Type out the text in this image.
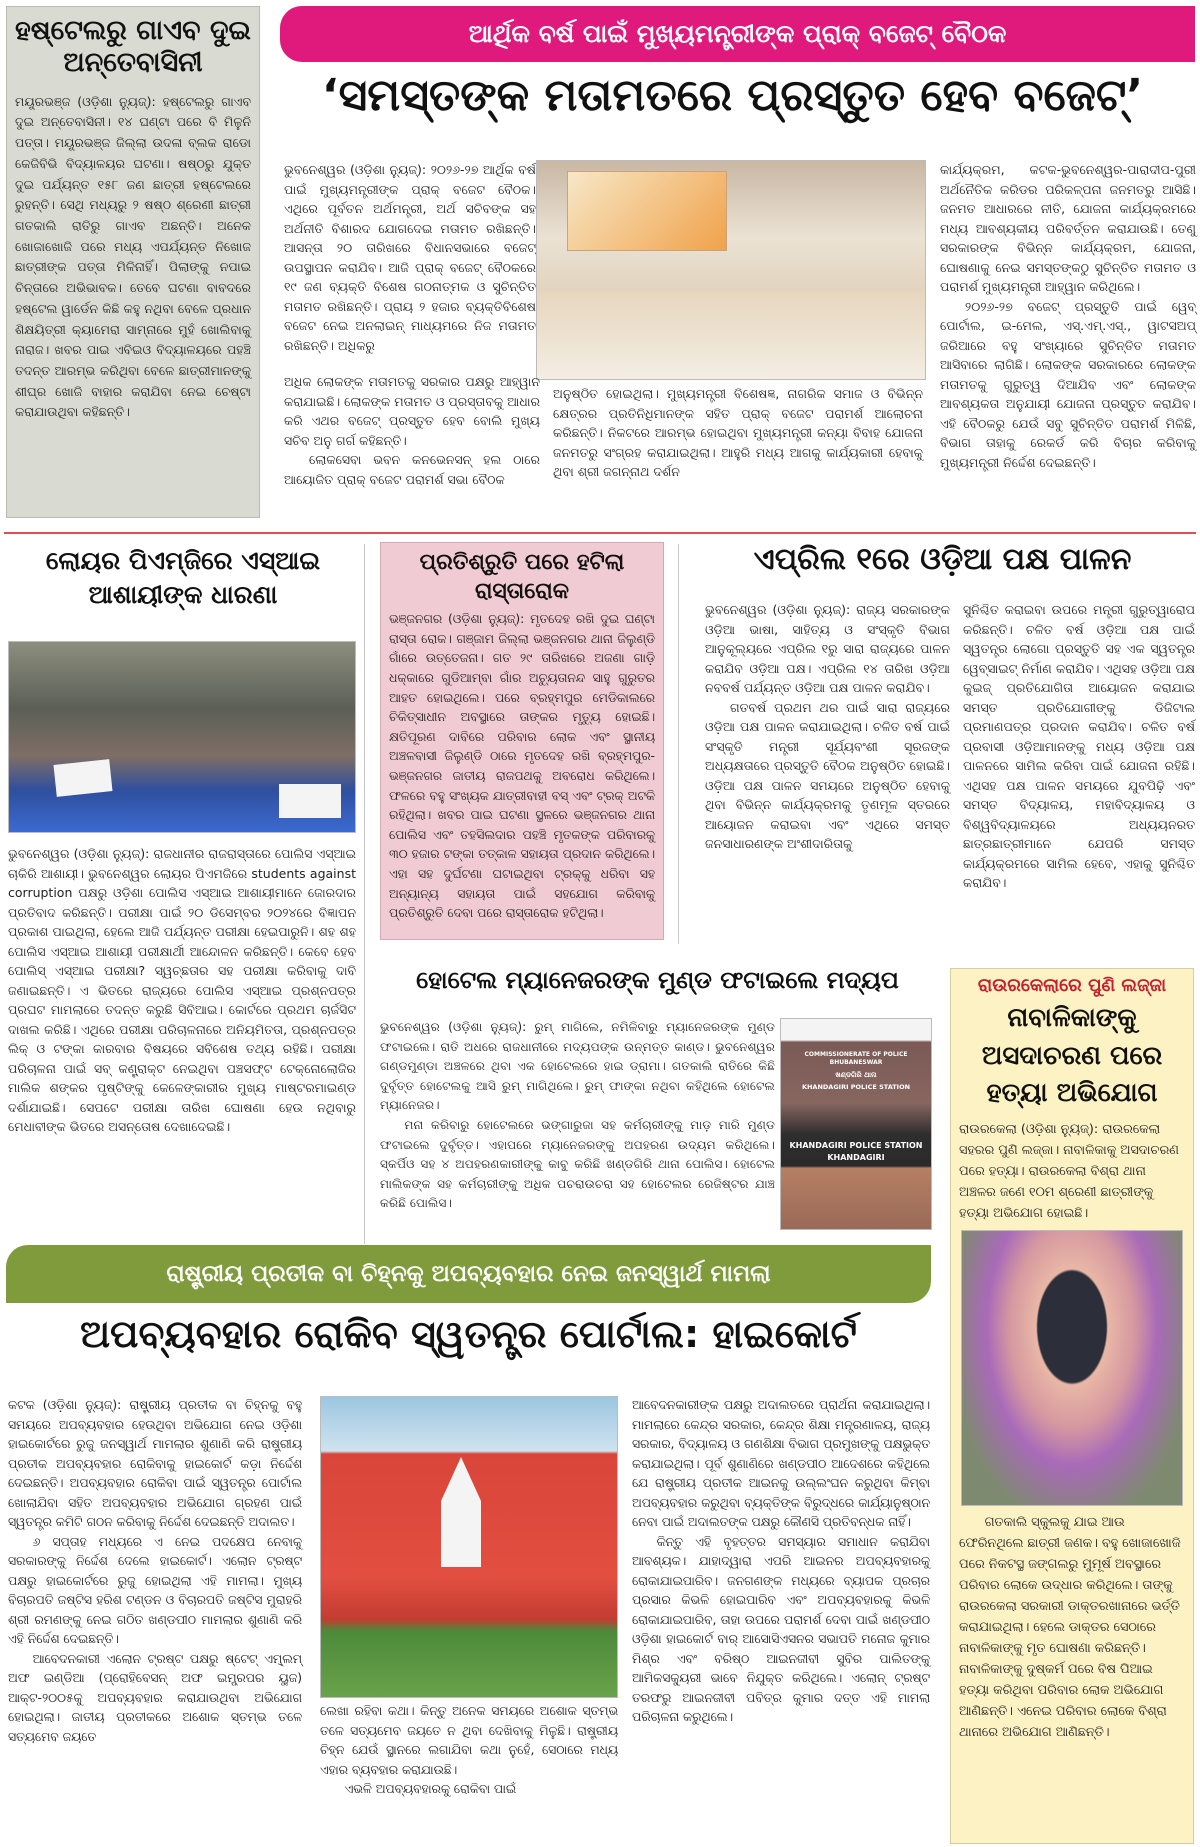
ହଷ୍ଟେଲରୁ ଗାଏବ ଦୁଇ ଅନ୍ତେବାସିନୀ
ମୟୂରଭଞ୍ଜ (ଓଡ଼ିଶା ନ୍ୟୁଜ୍): ହଷ୍ଟେଲରୁ ଗାଏବ ଦୁଇ ଅନ୍ତେବାସିନୀ। ୧୪ ଘଣ୍ଟା ପରେ ବି ମିଳୁନି ପତ୍ତା। ମୟୂରଭଞ୍ଜ ଜିଲ୍ଲା ଉଦଳା ବ୍ଲକ ରାଡୋ କେଜିବିଭି ବିଦ୍ୟାଳୟର ଘଟଣା। ଷଷ୍ଠରୁ ଯୁକ୍ତ ଦୁଇ ପର୍ଯ୍ୟନ୍ତ ୧୫୮ ଜଣ ଛାତ୍ରୀ ହଷ୍ଟେଲରେ ରୁହନ୍ତି। ସେଥି ମଧ୍ୟରୁ ୨ ଷଷ୍ଠ ଶ୍ରେଣୀ ଛାତ୍ରୀ ଗତକାଲି ରାତିରୁ ଗାଏବ ଅଛନ୍ତି। ଅନେକ ଖୋଜାଖୋଜି ପରେ ମଧ୍ୟ ଏପର୍ଯ୍ୟନ୍ତ ନିଖୋଜ ଛାତ୍ରୀଙ୍କ ପତ୍ତା ମିଳିନାହିଁ। ପିଲାଙ୍କୁ ନପାଇ ଚିନ୍ତାରେ ଅଭିଭାବକ। ତେବେ ଘଟଣା ବାବଦରେ ହଷ୍ଟେଲ ୱାର୍ଡେନ କିଛି କହୁ ନଥିବା ବେଳେ ପ୍ରଧାନ ଶିକ୍ଷୟିତ୍ରୀ କ୍ୟାମେରା ସାମ୍ନାରେ ମୁହଁ ଖୋଲିବାକୁ ନାରାଜ। ଖବର ପାଇ ଏବିଇଓ ବିଦ୍ୟାଳୟରେ ପହଞ୍ଚି ତଦନ୍ତ ଆରମ୍ଭ କରିଥିବା ବେଳେ ଛାତ୍ରୀମାନଙ୍କୁ ଶୀଘ୍ର ଖୋଜି ବାହାର କରାଯିବା ନେଇ ଚେଷ୍ଟା କରାଯାଉଥିବା କହିଛନ୍ତି।
ଆର୍ଥିକ ବର୍ଷ ପାଇଁ ମୁଖ୍ୟମନ୍ତ୍ରୀଙ୍କ ପ୍ରାକ୍ ବଜେଟ୍ ବୈଠକ
‘ସମସ୍ତଙ୍କ ମତାମତରେ ପ୍ରସ୍ତୁତ ହେବ ବଜେଟ୍’
ଭୁବନେଶ୍ୱର (ଓଡ଼ିଶା ନ୍ୟୁଜ୍): ୨୦୨୬-୨୭ ଆର୍ଥିକ ବର୍ଷ ପାଇଁ ମୁଖ୍ୟମନ୍ତ୍ରୀଙ୍କ ପ୍ରାକ୍ ବଜେଟ ବୈଠକ। ଏଥିରେ ପୂର୍ବତନ ଅର୍ଥମନ୍ତ୍ରୀ, ଅର୍ଥ ସଚିବଙ୍କ ସହ ଅର୍ଥନୀତି ବିଶାରଦ ଯୋଗଦେଇ ମତାମତ ରଖିଛନ୍ତି। ଆସନ୍ତା ୨୦ ତାରିଖରେ ବିଧାନସଭାରେ ବଜେଟ୍ ଉପସ୍ଥାପନ କରାଯିବ। ଆଜି ପ୍ରାକ୍ ବଜେଟ୍ ବୈଠକରେ ୧୯ ଜଣ ବ୍ୟକ୍ତି ବିଶେଷ ଗଠନାତ୍ମକ ଓ ସୁଚିନ୍ତିତ ମତାମତ ରଖିଛନ୍ତି। ପ୍ରାୟ ୨ ହଜାର ବ୍ୟକ୍ତିବିଶେଷ ବଜେଟ ନେଇ ଅନଲାଇନ୍ ମାଧ୍ୟମରେ ନିଜ ମତାମତ ରଖିଛନ୍ତି। ଅଧିକରୁ
ଅଧିକ ଲୋକଙ୍କ ମତାମତକୁ ସରକାର ପକ୍ଷରୁ ଆହ୍ୱାନ କରାଯାଇଛି। ଲୋକଙ୍କ ମତାମତ ଓ ପ୍ରସ୍ତାବକୁ ଆଧାର କରି ଏଥର ବଜେଟ୍ ପ୍ରସ୍ତୁତ ହେବ ବୋଲି ମୁଖ୍ୟ ସଚିବ ଅନୁ ଗର୍ଗ କହିଛନ୍ତି।
ଲୋକସେବା ଭବନ କନଭେନସନ୍ ହଲ ଠାରେ ଆୟୋଜିତ ପ୍ରାକ୍ ବଜେଟ ପରାମର୍ଶ ସଭା ବୈଠକ
ଅନୁଷ୍ଠିତ ହୋଇଥିଲା। ମୁଖ୍ୟମନ୍ତ୍ରୀ ବିଶେଷଜ୍ଞ, ନାଗରିକ ସମାଜ ଓ ବିଭିନ୍ନ କ୍ଷେତ୍ରର ପ୍ରତିନିଧିମାନଙ୍କ ସହିତ ପ୍ରାକ୍ ବଜେଟ ପରାମର୍ଶ ଆଲୋଚନା କରିଛନ୍ତି। ନିକଟରେ ଆରମ୍ଭ ହୋଇଥିବା ମୁଖ୍ୟମନ୍ତ୍ରୀ କନ୍ୟା ବିବାହ ଯୋଜନା ଜନମତରୁ ସଂଗ୍ରହ କରାଯାଇଥିଲା। ଆହୁରି ମଧ୍ୟ ଆଗକୁ କାର୍ଯ୍ୟକାରୀ ହେବାକୁ ଥିବା ଶ୍ରୀ ଜଗନ୍ନାଥ ଦର୍ଶନ
କାର୍ଯ୍ୟକ୍ରମ, କଟକ-ଭୁବନେଶ୍ୱର-ପାରାଦୀପ-ପୁରୀ ଅର୍ଥନୈତିକ କରିଡର ପରିକଳ୍ପନା ଜନମତରୁ ଆସିଛି। ଜନମତ ଆଧାରରେ ନୀତି, ଯୋଜନା କାର୍ଯ୍ୟକ୍ରମରେ ମଧ୍ୟ ଆବଶ୍ୟକୀୟ ପରିବର୍ତ୍ତନ କରାଯାଉଛି। ତେଣୁ ସରକାରଙ୍କ ବିଭିନ୍ନ କାର୍ଯ୍ୟକ୍ରମ, ଯୋଜନା, ଘୋଷଣାକୁ ନେଇ ସମସ୍ତଙ୍କଠୁ ସୁଚିନ୍ତିତ ମତାମତ ଓ ପରାମର୍ଶ ମୁଖ୍ୟମନ୍ତ୍ରୀ ଆହ୍ୱାନ କରିଥିଲେ।
୨୦୨୬-୨୭ ବଜେଟ୍ ପ୍ରସ୍ତୁତି ପାଇଁ ୱେବ୍ ପୋର୍ଟାଲ, ଇ-ମେଲ, ଏସ୍.ଏମ୍.ଏସ୍., ୱାଟସଅପ୍ ଜରିଆରେ ବହୁ ସଂଖ୍ୟାରେ ସୁଚିନ୍ତିତ ମତାମତ ଆସିବାରେ ଲାଗିଛି। ଲୋକଙ୍କ ସରକାରରେ ଲୋକଙ୍କ ମତାମତକୁ ଗୁରୁତ୍ୱ ଦିଆଯିବ ଏବଂ ଲୋକଙ୍କ ଆବଶ୍ୟକତା ଅନୁଯାୟୀ ଯୋଜନା ପ୍ରସ୍ତୁତ କରାଯିବ। ଏହି ବୈଠକରୁ ଯେଉଁ ସବୁ ସୁଚିନ୍ତିତ ପରାମର୍ଶ ମିଳିଛି, ବିଭାଗ ତାହାକୁ ରେକର୍ଡ କରି ବିଚାର କରିବାକୁ ମୁଖ୍ୟମନ୍ତ୍ରୀ ନିର୍ଦ୍ଦେଶ ଦେଇଛନ୍ତି।
ଲୋୟର ପିଏମ୍‌ଜିରେ ଏସ୍‌ଆଇ ଆଶାୟୀଙ୍କ ଧାରଣା
ଭୁବନେଶ୍ୱର (ଓଡ଼ିଶା ନ୍ୟୁଜ୍): ରାଜଧାନୀର ରାଜରାସ୍ତାରେ ପୋଲିସ ଏସ୍‌ଆଇ ଚାକିରି ଆଶାୟୀ। ଭୁବନେଶ୍ୱର ଲୋୟର ପିଏମଜିରେ students against corruption ପକ୍ଷରୁ ଓଡ଼ିଶା ପୋଲିସ ଏସ୍‌ଆଇ ଆଶାୟୀମାନେ ଜୋରଦାର ପ୍ରତିବାଦ କରିଛନ୍ତି। ପରୀକ୍ଷା ପାଇଁ ୨୦ ଡିସେମ୍ବର ୨୦୨୪ରେ ବିଜ୍ଞାପନ ପ୍ରକାଶ ପାଇଥିଲା, ହେଲେ ଆଜି ପର୍ଯ୍ୟନ୍ତ ପରୀକ୍ଷା ହେଇପାରୁନି। ଶହ ଶହ ପୋଲିସ ଏସ୍‌ଆଇ ଆଶାୟୀ ପରୀକ୍ଷାର୍ଥୀ ଆନ୍ଦୋଳନ କରିଛନ୍ତି। କେବେ ହେବ ପୋଲିସ୍ ଏସ୍‌ଆଇ ପରୀକ୍ଷା? ସ୍ୱଚ୍ଛତାର ସହ ପରୀକ୍ଷା କରିବାକୁ ଦାବି ଜଣାଇଛନ୍ତି। ଏ ଭିତରେ ରାଜ୍ୟରେ ପୋଲିସ ଏସ୍‌ଆଇ ପ୍ରଶ୍ନପତ୍ର ପ୍ରଘଟ ମାମଲାରେ ତଦନ୍ତ କରୁଛି ସିବିଆଇ। କୋର୍ଟରେ ପ୍ରଥମ ଚାର୍ଜସିଟ ଦାଖଲ କରିଛି। ଏଥିରେ ପରୀକ୍ଷା ପରିଚାଳନାରେ ଅନିୟମିତତା, ପ୍ରଶ୍ନପତ୍ର ଲିକ୍ ଓ ଟଙ୍କା କାରବାର ବିଷୟରେ ସବିଶେଷ ତଥ୍ୟ ରହିଛି। ପରୀକ୍ଷା ପରିଚାଳନା ପାଇଁ ସବ୍ କଣ୍ଟ୍ରାକ୍ଟ ନେଇଥିବା ପଞ୍ଚସଫ୍ଟ ଟେକ୍ନୋଲୋଜିର ମାଲିକ ଶଙ୍କର ପୃଷ୍ଟିଙ୍କୁ କେଳେଙ୍କାରୀର ମୁଖ୍ୟ ମାଷ୍ଟରମାଇଣ୍ଡ ଦର୍ଶାଯାଇଛି। ସେପଟେ ପରୀକ୍ଷା ତାରିଖ ଘୋଷଣା ହେଉ ନଥିବାରୁ ମେଧାବୀଙ୍କ ଭିତରେ ଅସନ୍ତୋଷ ଦେଖାଦେଇଛି।
ପ୍ରତିଶ୍ରୁତି ପରେ ହଟିଲା ରାସ୍ତାରୋକ
ଭଞ୍ଜନଗର (ଓଡ଼ିଶା ନ୍ୟୁଜ୍): ମୃତଦେହ ରଖି ଦୁଇ ଘଣ୍ଟା ରାସ୍ତା ରୋକ। ଗଞ୍ଜାମ ଜିଲ୍ଲା ଭଞ୍ଜନଗର ଥାନା ଜିଲୁଣ୍ଡି ଗାଁରେ ଉତ୍ତେଜନା। ଗତ ୨୯ ତାରିଖରେ ଅଜଣା ଗାଡ଼ି ଧକ୍କାରେ ଗୁଡିଆମ୍ବା ଗାଁର ଅଚ୍ୟୁତାନନ୍ଦ ସାହୁ ଗୁରୁତର ଆହତ ହୋଇଥିଲେ। ପରେ ବ୍ରହ୍ମପୁର ମେଡିକାଲରେ ଚିକିତ୍ସାଧୀନ ଅବସ୍ଥାରେ ତାଙ୍କର ମୃତ୍ୟୁ ହୋଇଛି। କ୍ଷତିପୂରଣ ଦାବିରେ ପରିବାର ଲୋକ ଏବଂ ସ୍ଥାନୀୟ ଅଞ୍ଚଳବାସୀ ଜିଲୁଣ୍ଡି ଠାରେ ମୃତଦେହ ରଖି ବ୍ରହ୍ମପୁର-ଭଞ୍ଜନଗର ଜାତୀୟ ରାଜପଥକୁ ଅବରୋଧ କରିଥିଲେ। ଫଳରେ ବହୁ ସଂଖ୍ୟକ ଯାତ୍ରୀବାହୀ ବସ୍ ଏବଂ ଟ୍ରକ୍ ଅଟକି ରହିଥିଲା। ଖବର ପାଇ ଘଟଣା ସ୍ଥଳରେ ଭଞ୍ଜନଗର ଥାନା ପୋଲିସ ଏବଂ ତହସିଲଦାର ପହଞ୍ଚି ମୃତକଙ୍କ ପରିବାରକୁ ୩୦ ହଜାର ଟଙ୍କା ତତ୍କାଳ ସହାୟତା ପ୍ରଦାନ କରିଥିଲେ। ଏହା ସହ ଦୁର୍ଘଟଣା ଘଟାଇଥିବା ଟ୍ରକ୍‌କୁ ଧରିବା ସହ ଅନ୍ୟାନ୍ୟ ସହାୟତା ପାଇଁ ସହଯୋଗ କରିବାକୁ ପ୍ରତିଶ୍ରୁତି ଦେବା ପରେ ରାସ୍ତାରୋକ ହଟିଥିଲା।
ଏପ୍ରିଲ ୧ରେ ଓଡ଼ିଆ ପକ୍ଷ ପାଳନ
ଭୁବନେଶ୍ୱର (ଓଡ଼ିଶା ନ୍ୟୁଜ୍): ରାଜ୍ୟ ସରକାରଙ୍କ ଓଡ଼ିଆ ଭାଷା, ସାହିତ୍ୟ ଓ ସଂସ୍କୃତି ବିଭାଗ ଆନୁକୂଲ୍ୟରେ ଏପ୍ରିଲ ୧ରୁ ସାରା ରାଜ୍ୟରେ ପାଳନ କରାଯିବ ଓଡ଼ିଆ ପକ୍ଷ। ଏପ୍ରିଲ ୧୪ ତାରିଖ ଓଡ଼ିଆ ନବବର୍ଷ ପର୍ଯ୍ୟନ୍ତ ଓଡ଼ିଆ ପକ୍ଷ ପାଳନ କରାଯିବ।
ଗତବର୍ଷ ପ୍ରଥମ ଥର ପାଇଁ ସାରା ରାଜ୍ୟରେ ଓଡ଼ିଆ ପକ୍ଷ ପାଳନ କରାଯାଇଥିଲା। ଚଳିତ ବର୍ଷ ପାଇଁ ସଂସ୍କୃତି ମନ୍ତ୍ରୀ ସୂର୍ଯ୍ୟବଂଶୀ ସୂରଜଙ୍କ ଅଧ୍ୟକ୍ଷତାରେ ପ୍ରସ୍ତୁତି ବୈଠକ ଅନୁଷ୍ଠିତ ହୋଇଛି। ଓଡ଼ିଆ ପକ୍ଷ ପାଳନ ସମୟରେ ଅନୁଷ୍ଠିତ ହେବାକୁ ଥିବା ବିଭିନ୍ନ କାର୍ଯ୍ୟକ୍ରମକୁ ତୃଣମୂଳ ସ୍ତରରେ ଆୟୋଜନ କରାଇବା ଏବଂ ଏଥିରେ ସମସ୍ତ ଜନସାଧାରଣଙ୍କ ଅଂଶୀଦାରିତାକୁ
ସୁନିଶ୍ଚିତ କରାଇବା ଉପରେ ମନ୍ତ୍ରୀ ଗୁରୁତ୍ୱାରୋପ କରିଛନ୍ତି। ଚଳିତ ବର୍ଷ ଓଡ଼ିଆ ପକ୍ଷ ପାଇଁ ସ୍ୱତନ୍ତ୍ର ଲୋଗୋ ପ୍ରସ୍ତୁତି ସହ ଏକ ସ୍ୱତନ୍ତ୍ର ୱେବ୍‌ସାଇଟ୍ ନିର୍ମାଣ କରାଯିବ। ଏଥିସହ ଓଡ଼ିଆ ପକ୍ଷ କୁଇଜ୍ ପ୍ରତିଯୋଗିତା ଆୟୋଜନ କରାଯାଇ ସମସ୍ତ ପ୍ରତିଯୋଗୀଙ୍କୁ ଡିଜିଟାଲ ପ୍ରମାଣପତ୍ର ପ୍ରଦାନ କରାଯିବ। ଚଳିତ ବର୍ଷ ପ୍ରବାସୀ ଓଡ଼ିଆମାନଙ୍କୁ ମଧ୍ୟ ଓଡ଼ିଆ ପକ୍ଷ ପାଳନରେ ସାମିଲ କରିବା ପାଇଁ ଯୋଜନା ରହିଛି। ଏଥିସହ ପକ୍ଷ ପାଳନ ସମୟରେ ଯୁବପିଢ଼ି ଏବଂ ସମସ୍ତ ବିଦ୍ୟାଳୟ, ମହାବିଦ୍ୟାଳୟ ଓ ବିଶ୍ୱବିଦ୍ୟାଳୟରେ ଅଧ୍ୟୟନରତ ଛାତ୍ରଛାତ୍ରୀମାନେ ଯେପରି ସମସ୍ତ କାର୍ଯ୍ୟକ୍ରମରେ ସାମିଲ ହେବେ, ଏହାକୁ ସୁନିଶ୍ଚିତ କରାଯିବ।
ହୋଟେଲ ମ୍ୟାନେଜରଙ୍କ ମୁଣ୍ଡ ଫଟାଇଲେ ମଦ୍ୟପ
ଭୁବନେଶ୍ୱର (ଓଡ଼ିଶା ନ୍ୟୁଜ୍): ରୁମ୍ ମାଗିଲେ, ନମିଳିବାରୁ ମ୍ୟାନେଜରଙ୍କ ମୁଣ୍ଡ ଫଟାଇଲେ। ରାତି ଅଧରେ ରାଜଧାନୀରେ ମଦ୍ୟପଙ୍କ ଉନ୍ମତ୍ତ କାଣ୍ଡ। ଭୁବନେଶ୍ୱର ଗଣ୍ଡମୁଣ୍ଡା ଅଞ୍ଚଳରେ ଥିବା ଏକ ହୋଟେଲରେ ହାଇ ଡ୍ରାମା। ଗତକାଲି ରାତିରେ କିଛି ଦୁର୍ବୃତ୍ତ ହୋଟେଲକୁ ଆସି ରୁମ୍ ମାଗିଥିଲେ। ରୁମ୍ ଫାଙ୍କା ନଥିବା କହିଥିଲେ ହୋଟେଲ ମ୍ୟାନେଜର।
ମନା କରିବାରୁ ହୋଟେଲରେ ଭଙ୍ଗାରୁଜା ସହ କର୍ମଚାରୀଙ୍କୁ ମାଡ଼ ମାରି ମୁଣ୍ଡ ଫଟାଇଲେ ଦୁର୍ବୃତ୍ତ। ଏହାପରେ ମ୍ୟାନେଜରଙ୍କୁ ଅପହରଣ ଉଦ୍ୟମ କରିଥିଲେ। ସ୍କର୍ପିଓ ସହ ୪ ଅପହରଣକାରୀଙ୍କୁ କାବୁ କରିଛି ଖଣ୍ଡଗିରି ଥାନା ପୋଲିସ। ହୋଟେଲ ମାଲିକଙ୍କ ସହ କର୍ମଚାରୀଙ୍କୁ ଅଧିକ ପଚରାଉଚରା ସହ ହୋଟେଲର ରେଜିଷ୍ଟର ଯାଞ୍ଚ କରିଛି ପୋଲିସ।
COMMISSIONERATE OF POLICE BHUBANESWAR
ଖଣ୍ଡଗିରି ଥାନା
KHANDAGIRI POLICE STATION
KHANDAGIRI POLICE STATION
KHANDAGIRI
ରାଉରକେଲାରେ ପୁଣି ଲଜ୍ଜା
ନାବାଳିକାଙ୍କୁ ଅସଦାଚରଣ ପରେ ହତ୍ୟା ଅଭିଯୋଗ
ରାଉରକେଲା (ଓଡ଼ିଶା ନ୍ୟୁଜ୍): ରାଉରକେଲା ସହରର ପୁଣି ଲଜ୍ଜା। ନାବାଳିକାକୁ ଅସଦାଚରଣ ପରେ ହତ୍ୟା। ରାଉରକେଲା ବିଶ୍ରା ଥାନା ଅଞ୍ଚଳର ଜଣେ ୧୦ମ ଶ୍ରେଣୀ ଛାତ୍ରୀଙ୍କୁ ହତ୍ୟା ଅଭିଯୋଗ ହୋଇଛି।
ଗତକାଲି ସ୍କୁଲକୁ ଯାଇ ଆଉ ଫେରିନଥିଲେ ଛାତ୍ରୀ ଜଣକ। ବହୁ ଖୋଜାଖୋଜି ପରେ ନିକଟସ୍ଥ ଜଙ୍ଗଲରୁ ମୁମୂର୍ଷ ଅବସ୍ଥାରେ ପରିବାର ଲୋକେ ଉଦ୍ଧାର କରିଥିଲେ। ତାଙ୍କୁ ରାଉରକେଲା ସରକାରୀ ଡାକ୍ତରଖାନାରେ ଭର୍ତ୍ତି କରାଯାଇଥିଲା। ହେଲେ ଡାକ୍ତର ସେଠାରେ ନାବାଳିକାଙ୍କୁ ମୃତ ଘୋଷଣା କରିଛନ୍ତି। ନାବାଳିକାଙ୍କୁ ଦୁଷ୍କର୍ମ ପରେ ବିଷ ପିଆଇ ହତ୍ୟା କରିଥିବା ପରିବାର ଲୋକ ଅଭିଯୋଗ ଆଣିଛନ୍ତି। ଏନେଇ ପରିବାର ଲୋକେ ବିଶ୍ରା ଥାନାରେ ଅଭିଯୋଗ ଆଣିଛନ୍ତି।
ରାଷ୍ଟ୍ରୀୟ ପ୍ରତୀକ ବା ଚିହ୍ନକୁ ଅପବ୍ୟବହାର ନେଇ ଜନସ୍ୱାର୍ଥ ମାମଲା
ଅପବ୍ୟବହାର ରୋକିବ ସ୍ୱତନ୍ତ୍ର ପୋର୍ଟାଲ: ହାଇକୋର୍ଟ
କଟକ (ଓଡ଼ିଶା ନ୍ୟୁଜ୍): ରାଷ୍ଟ୍ରୀୟ ପ୍ରତୀକ ବା ଚିହ୍ନକୁ ବହୁ ସମୟରେ ଅପବ୍ୟବହାର ହେଉଥିବା ଅଭିଯୋଗ ନେଇ ଓଡ଼ିଶା ହାଇକୋର୍ଟରେ ରୁଜୁ ଜନସ୍ୱାର୍ଥ ମାମଲାର ଶୁଣାଣି କରି ରାଷ୍ଟ୍ରୀୟ ପ୍ରତୀକ ଅପବ୍ୟବହାର ରୋକିବାକୁ ହାଇକୋର୍ଟ କଡ଼ା ନିର୍ଦ୍ଦେଶ ଦେଇଛନ୍ତି। ଅପବ୍ୟବହାର ରୋକିବା ପାଇଁ ସ୍ୱତନ୍ତ୍ର ପୋର୍ଟାଲ ଖୋଲାଯିବା ସହିତ ଅପବ୍ୟବହାର ଅଭିଯୋଗ ଗ୍ରହଣ ପାଇଁ ସ୍ୱତନ୍ତ୍ର କମିଟି ଗଠନ କରିବାକୁ ନିର୍ଦ୍ଦେଶ ଦେଇଛନ୍ତି ଅଦାଲତ।
୬ ସପ୍ତାହ ମଧ୍ୟରେ ଏ ନେଇ ପଦକ୍ଷେପ ନେବାକୁ ସରକାରଙ୍କୁ ନିର୍ଦ୍ଦେଶ ଦେଲେ ହାଇକୋର୍ଟ। ଏଲୋନ ଟ୍ରଷ୍ଟ ପକ୍ଷରୁ ହାଇକୋର୍ଟରେ ରୁଜୁ ହୋଇଥିଲା ଏହି ମାମଲା। ମୁଖ୍ୟ ବିଚାରପତି ଜଷ୍ଟିସ ହରିଶ ଟଣ୍ଡନ ଓ ବିଚାରପତି ଜଷ୍ଟିସ ମୁରାହରି ଶ୍ରୀ ରମଣଙ୍କୁ ନେଇ ଗଠିତ ଖଣ୍ଡପୀଠ ମାମଲାର ଶୁଣାଣି କରି ଏହି ନିର୍ଦ୍ଦେଶ ଦେଇଛନ୍ତି।
ଆବେଦନକାରୀ ଏଲୋନ ଟ୍ରଷ୍ଟ ପକ୍ଷରୁ ଷ୍ଟେଟ୍ ଏମ୍ବ୍ଲମ୍ ଅଫ ଇଣ୍ଡିଆ (ପ୍ରୋହିବେସନ୍ ଅଫ ଇମ୍ପ୍ରପର ୟୁଜ) ଆକ୍ଟ-୨୦୦୫କୁ ଅପବ୍ୟବହାର କରାଯାଉଥିବା ଅଭିଯୋଗ ହୋଇଥିଲା। ଜାତୀୟ ପ୍ରତୀକରେ ଅଶୋକ ସ୍ତମ୍ଭ ତଳେ ସତ୍ୟମେବ ଜୟତେ
ଲେଖା ରହିବା କଥା। କିନ୍ତୁ ଅନେକ ସମୟରେ ଅଶୋକ ସ୍ତମ୍ଭ ତଳେ ସତ୍ୟମେବ ଜୟତେ ନ ଥିବା ଦେଖିବାକୁ ମିଳୁଛି। ରାଷ୍ଟ୍ରୀୟ ଚିହ୍ନ ଯେଉଁ ସ୍ଥାନରେ ଲଗାଯିବା କଥା ନୁହେଁ, ସେଠାରେ ମଧ୍ୟ ଏହାର ବ୍ୟବହାର କରାଯାଉଛି।
ଏଭଳି ଅପବ୍ୟବହାରକୁ ରୋକିବା ପାଇଁ
ଆବେଦନକାରୀଙ୍କ ପକ୍ଷରୁ ଅଦାଲତରେ ପ୍ରାର୍ଥନା କରାଯାଇଥିଲା। ମାମଲାରେ କେନ୍ଦ୍ର ସରକାର, କେନ୍ଦ୍ର ଶିକ୍ଷା ମନ୍ତ୍ରଣାଳୟ, ରାଜ୍ୟ ସରକାର, ବିଦ୍ୟାଳୟ ଓ ଗଣଶିକ୍ଷା ବିଭାଗ ପ୍ରମୁଖଙ୍କୁ ପକ୍ଷଭୁକ୍ତ କରାଯାଇଥିଲା। ପୂର୍ବ ଶୁଣାଣିରେ ଖଣ୍ଡପୀଠ ଆଦେଶରେ କହିଥିଲେ ଯେ ରାଷ୍ଟ୍ରୀୟ ପ୍ରତୀକ ଆଇନକୁ ଉଲ୍ଲଂଘନ କରୁଥିବା କିମ୍ବା ଅପବ୍ୟବହାର କରୁଥିବା ବ୍ୟକ୍ତିଙ୍କ ବିରୁଦ୍ଧରେ କାର୍ଯ୍ୟାନୁଷ୍ଠାନ ନେବା ପାଇଁ ଅଦାଲତଙ୍କ ପକ୍ଷରୁ କୌଣସି ପ୍ରତିବନ୍ଧକ ନାହିଁ।
କିନ୍ତୁ ଏହି ବୃହତ୍ତର ସମସ୍ୟାର ସମାଧାନ କରାଯିବା ଆବଶ୍ୟକ। ଯାହାଦ୍ୱାରା ଏପରି ଆଇନର ଅପବ୍ୟବହାରକୁ ରୋକାଯାଇପାରିବ। ଜନଗଣଙ୍କ ମଧ୍ୟରେ ବ୍ୟାପକ ପ୍ରଚାର ପ୍ରସାର କିଭଳି ହୋଇପାରିବ ଏବଂ ଅପବ୍ୟବହାରକୁ କିଭଳି ରୋକାଯାଇପାରିବ, ତାହା ଉପରେ ପରାମର୍ଶ ଦେବା ପାଇଁ ଖଣ୍ଡପୀଠ ଓଡ଼ିଶା ହାଇକୋର୍ଟ ବାର୍ ଆସୋସିଏସନର ସଭାପତି ମନୋଜ କୁମାର ମିଶ୍ର ଏବଂ ବରିଷ୍ଠ ଆଇନଜୀବୀ ସୁବିର ପାଲିତଙ୍କୁ ଆମିକସକ୍ୟୁରୀ ଭାବେ ନିଯୁକ୍ତ କରିଥିଲେ। ଏଲୋନ୍ ଟ୍ରଷ୍ଟ ତରଫରୁ ଆଇନଜୀବୀ ପବିତ୍ର କୁମାର ଦତ୍ତ ଏହି ମାମଲା ପରିଚାଳନା କରୁଥିଲେ।
